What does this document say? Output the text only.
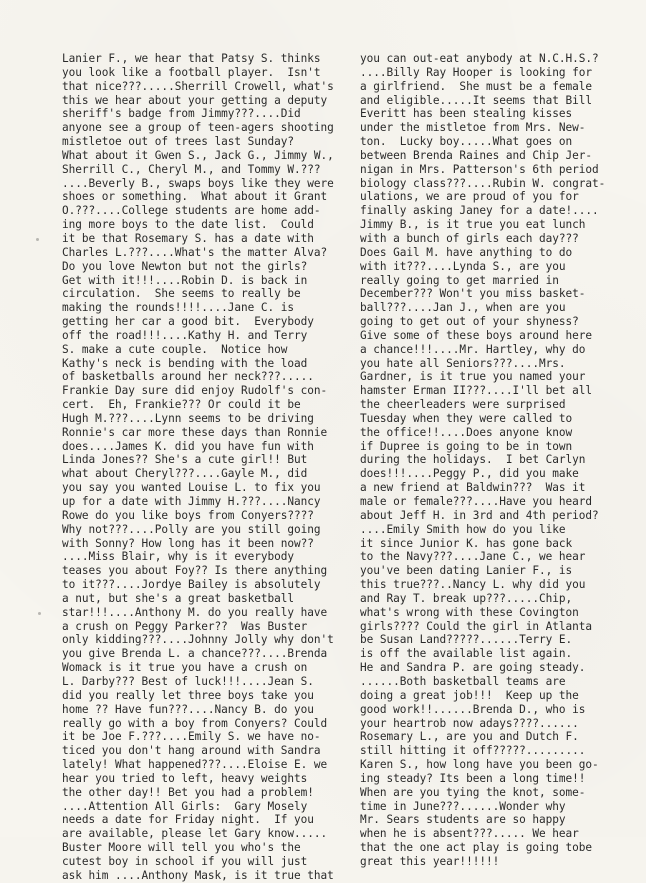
Lanier F., we hear that Patsy S. thinks
you look like a football player.  Isn't
that nice???.....Sherrill Crowell, what's
this we hear about your getting a deputy
sheriff's badge from Jimmy???....Did
anyone see a group of teen-agers shooting
mistletoe out of trees last Sunday?
What about it Gwen S., Jack G., Jimmy W.,
Sherrill C., Cheryl M., and Tommy W.???
....Beverly B., swaps boys like they were
shoes or something.  What about it Grant
O.???....College students are home add-
ing more boys to the date list.  Could
it be that Rosemary S. has a date with
Charles L.???....What's the matter Alva?
Do you love Newton but not the girls?
Get with it!!!....Robin D. is back in
circulation.  She seems to really be
making the rounds!!!!....Jane C. is
getting her car a good bit.  Everybody
off the road!!!....Kathy H. and Terry
S. make a cute couple.  Notice how
Kathy's neck is bending with the load
of basketballs around her neck???.....
Frankie Day sure did enjoy Rudolf's con-
cert.  Eh, Frankie??? Or could it be
Hugh M.???....Lynn seems to be driving
Ronnie's car more these days than Ronnie
does....James K. did you have fun with
Linda Jones?? She's a cute girl!! But
what about Cheryl???....Gayle M., did
you say you wanted Louise L. to fix you
up for a date with Jimmy H.???....Nancy
Rowe do you like boys from Conyers????
Why not???....Polly are you still going
with Sonny? How long has it been now??
....Miss Blair, why is it everybody
teases you about Foy?? Is there anything
to it???....Jordye Bailey is absolutely
a nut, but she's a great basketball
star!!!....Anthony M. do you really have
a crush on Peggy Parker??  Was Buster
only kidding???....Johnny Jolly why don't
you give Brenda L. a chance???....Brenda
Womack is it true you have a crush on
L. Darby??? Best of luck!!!....Jean S.
did you really let three boys take you
home ?? Have fun???....Nancy B. do you
really go with a boy from Conyers? Could
it be Joe F.???....Emily S. we have no-
ticed you don't hang around with Sandra
lately! What happened???....Eloise E. we
hear you tried to left, heavy weights
the other day!! Bet you had a problem!
....Attention All Girls:  Gary Mosely
needs a date for Friday night.  If you
are available, please let Gary know.....
Buster Moore will tell you who's the
cutest boy in school if you will just
ask him ....Anthony Mask, is it true that
you can out-eat anybody at N.C.H.S.?
....Billy Ray Hooper is looking for
a girlfriend.  She must be a female
and eligible.....It seems that Bill
Everitt has been stealing kisses
under the mistletoe from Mrs. New-
ton.  Lucky boy.....What goes on
between Brenda Raines and Chip Jer-
nigan in Mrs. Patterson's 6th period
biology class???....Rubin W. congrat-
ulations, we are proud of you for
finally asking Janey for a date!....
Jimmy B., is it true you eat lunch
with a bunch of girls each day???
Does Gail M. have anything to do
with it???....Lynda S., are you
really going to get married in
December??? Won't you miss basket-
ball???....Jan J., when are you
going to get out of your shyness?
Give some of these boys around here
a chance!!!....Mr. Hartley, why do
you hate all Seniors???....Mrs.
Gardner, is it true you named your
hamster Erman II???....I'll bet all
the cheerleaders were surprised
Tuesday when they were called to
the office!!....Does anyone know
if Dupree is going to be in town
during the holidays.  I bet Carlyn
does!!!....Peggy P., did you make
a new friend at Baldwin???  Was it
male or female???....Have you heard
about Jeff H. in 3rd and 4th period?
....Emily Smith how do you like
it since Junior K. has gone back
to the Navy???....Jane C., we hear
you've been dating Lanier F., is
this true???..Nancy L. why did you
and Ray T. break up???.....Chip,
what's wrong with these Covington
girls???? Could the girl in Atlanta
be Susan Land?????......Terry E.
is off the available list again.
He and Sandra P. are going steady.
......Both basketball teams are
doing a great job!!!  Keep up the
good work!!......Brenda D., who is
your heartrob now adays????......
Rosemary L., are you and Dutch F.
still hitting it off?????.........
Karen S., how long have you been go-
ing steady? Its been a long time!!
When are you tying the knot, some-
time in June???......Wonder why
Mr. Sears students are so happy
when he is absent???..... We hear
that the one act play is going tobe
great this year!!!!!!
